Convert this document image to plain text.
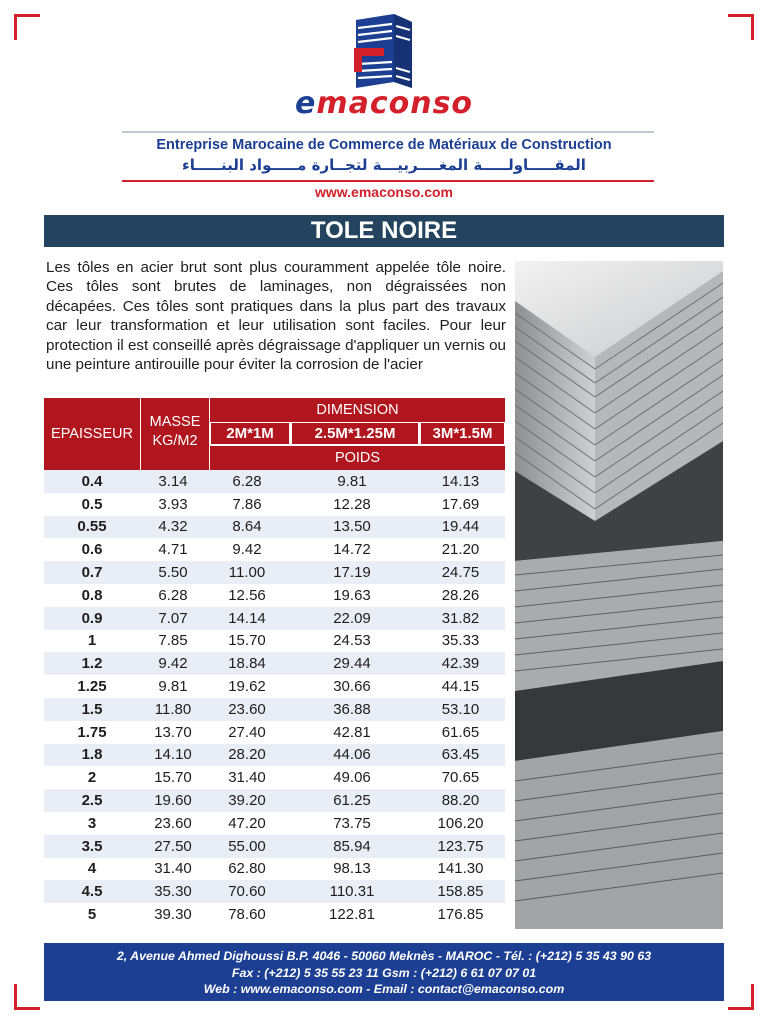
emaconso
Entreprise Marocaine de Commerce de Matériaux de Construction
المقـــــاولـــــة المغــــربيـــة لتجــارة مـــــواد البنـــــاء
www.emaconso.com
TOLE NOIRE

Les tôles en acier brut sont plus couramment appelée tôle noire. Ces tôles sont brutes de laminages, non dégraissées non décapées. Ces tôles sont pratiques dans la plus part des travaux car leur transformation et leur utilisation sont faciles. Pour leur protection il est conseillé après dégraissage d'appliquer un vernis ou une peinture antirouille pour éviter la corrosion de l'acier

EPAISSEUR
MASSE
KG/M2
DIMENSION
2M*1M	2.5M*1.25M	3M*1.5M
POIDS
0.4	3.14	6.28	9.81	14.13
0.5	3.93	7.86	12.28	17.69
0.55	4.32	8.64	13.50	19.44
0.6	4.71	9.42	14.72	21.20
0.7	5.50	11.00	17.19	24.75
0.8	6.28	12.56	19.63	28.26
0.9	7.07	14.14	22.09	31.82
1	7.85	15.70	24.53	35.33
1.2	9.42	18.84	29.44	42.39
1.25	9.81	19.62	30.66	44.15
1.5	11.80	23.60	36.88	53.10
1.75	13.70	27.40	42.81	61.65
1.8	14.10	28.20	44.06	63.45
2	15.70	31.40	49.06	70.65
2.5	19.60	39.20	61.25	88.20
3	23.60	47.20	73.75	106.20
3.5	27.50	55.00	85.94	123.75
4	31.40	62.80	98.13	141.30
4.5	35.30	70.60	110.31	158.85
5	39.30	78.60	122.81	176.85
2, Avenue Ahmed Dighoussi B.P. 4046 - 50060 Meknès - MAROC - Tél. : (+212) 5 35 43 90 63
Fax : (+212) 5 35 55 23 11 Gsm : (+212) 6 61 07 07 01
Web : www.emaconso.com - Email : contact@emaconso.com
